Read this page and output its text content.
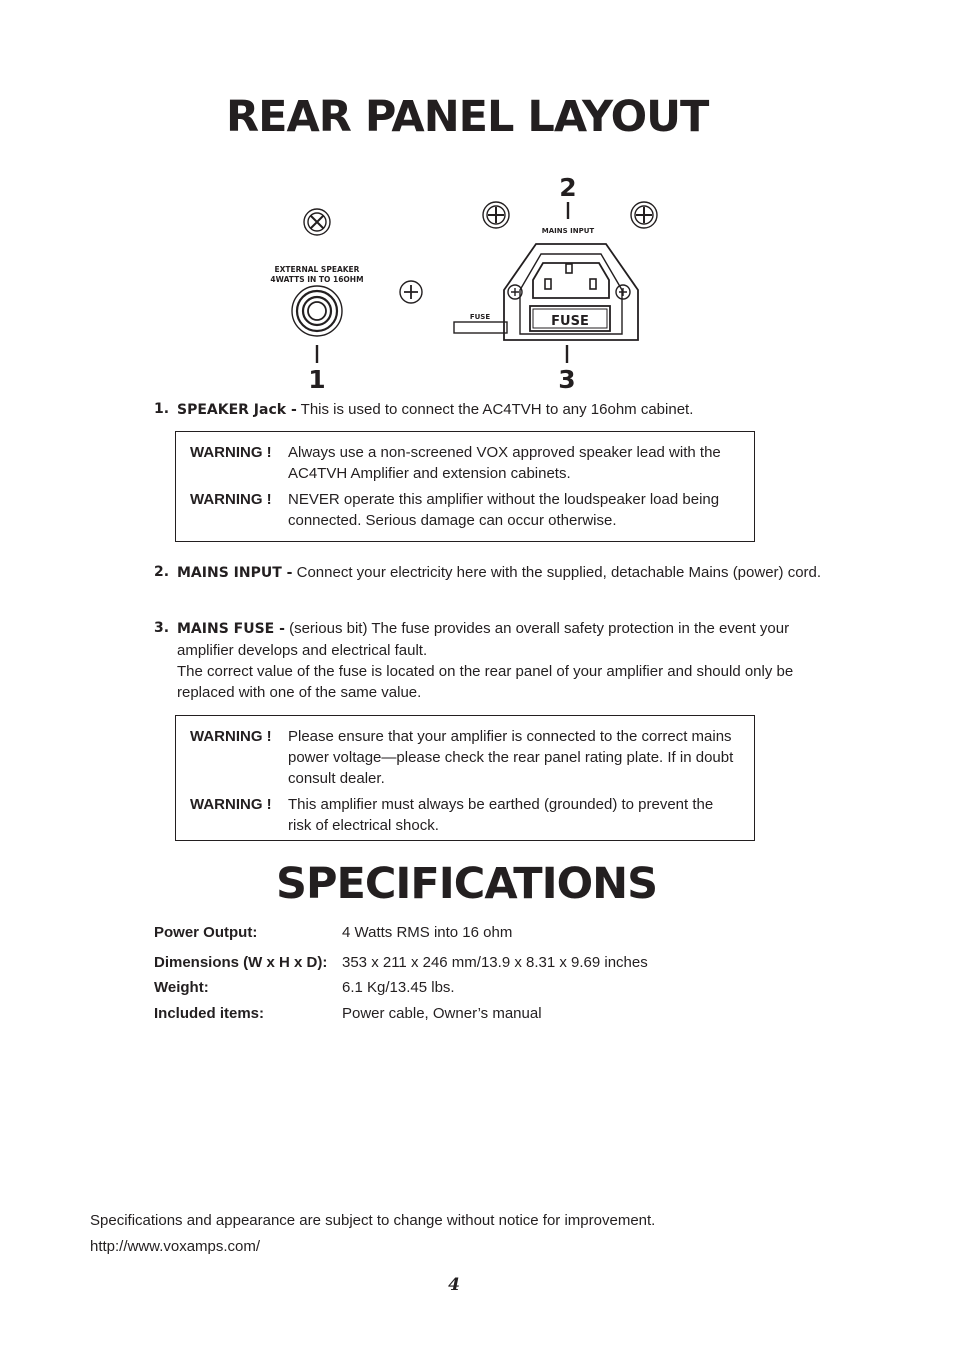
REAR PANEL LAYOUT
EXTERNAL SPEAKER
4WATTS IN TO 16OHM
MAINS INPUT
FUSE	FUSE
1
2
3
1. SPEAKER Jack - This is used to connect the AC4TVH to any 16ohm cabinet.
WARNING ! Always use a non-screened VOX approved speaker lead with the AC4TVH Amplifier and extension cabinets.
WARNING ! NEVER operate this amplifier without the loudspeaker load being connected. Serious damage can occur otherwise.
2. MAINS INPUT - Connect your electricity here with the supplied, detachable Mains (power) cord.
3. MAINS FUSE - (serious bit) The fuse provides an overall safety protection in the event your amplifier develops and electrical fault.
The correct value of the fuse is located on the rear panel of your amplifier and should only be replaced with one of the same value.
WARNING ! Please ensure that your amplifier is connected to the correct mains power voltage—please check the rear panel rating plate. If in doubt consult dealer.
WARNING ! This amplifier must always be earthed (grounded) to prevent the risk of electrical shock.
SPECIFICATIONS
Power Output:	4 Watts RMS into 16 ohm
Dimensions (W x H x D): 353 x 211 x 246 mm/13.9 x 8.31 x 9.69 inches
Weight:	6.1 Kg/13.45 lbs.
Included items:	Power cable, Owner’s manual
Specifications and appearance are subject to change without notice for improvement.
http://www.voxamps.com/
4
